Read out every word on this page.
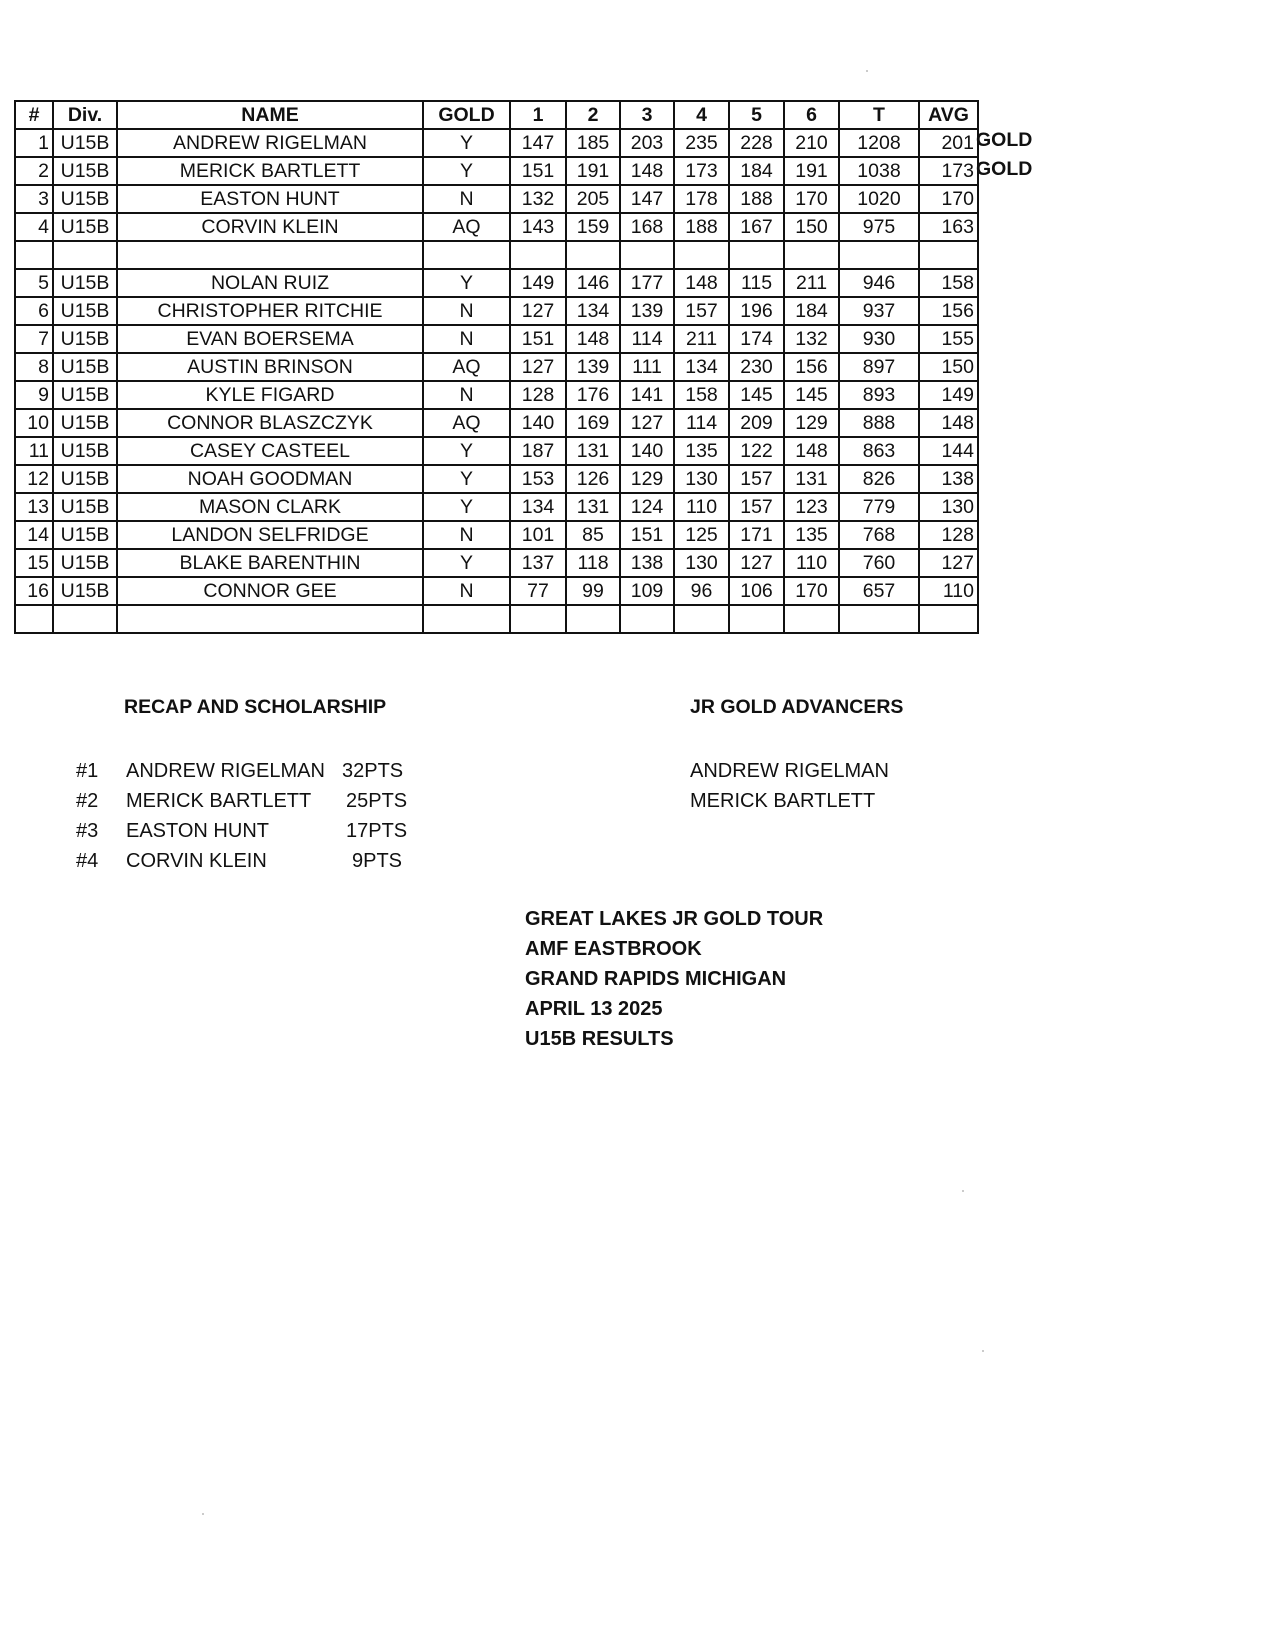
#	Div.	NAME	GOLD	1	2	3	4	5	6	T	AVG
1	U15B	ANDREW RIGELMAN	Y	147	185	203	235	228	210	1208	201
2	U15B	MERICK BARTLETT	Y	151	191	148	173	184	191	1038	173
3	U15B	EASTON HUNT	N	132	205	147	178	188	170	1020	170
4	U15B	CORVIN KLEIN	AQ	143	159	168	188	167	150	975	163

5	U15B	NOLAN RUIZ	Y	149	146	177	148	115	211	946	158
6	U15B	CHRISTOPHER RITCHIE	N	127	134	139	157	196	184	937	156
7	U15B	EVAN BOERSEMA	N	151	148	114	211	174	132	930	155
8	U15B	AUSTIN BRINSON	AQ	127	139	111	134	230	156	897	150
9	U15B	KYLE FIGARD	N	128	176	141	158	145	145	893	149
10	U15B	CONNOR BLASZCZYK	AQ	140	169	127	114	209	129	888	148
11	U15B	CASEY CASTEEL	Y	187	131	140	135	122	148	863	144
12	U15B	NOAH GOODMAN	Y	153	126	129	130	157	131	826	138
13	U15B	MASON CLARK	Y	134	131	124	110	157	123	779	130
14	U15B	LANDON SELFRIDGE	N	101	85	151	125	171	135	768	128
15	U15B	BLAKE BARENTHIN	Y	137	118	138	130	127	110	760	127
16	U15B	CONNOR GEE	N	77	99	109	96	106	170	657	110

GOLD
GOLD
RECAP AND SCHOLARSHIP	JR GOLD ADVANCERS
#1 ANDREW RIGELMAN 32PTS
#2 MERICK BARTLETT 25PTS
#3 EASTON HUNT	17PTS
#4 CORVIN KLEIN	9PTS
ANDREW RIGELMAN
MERICK BARTLETT
GREAT LAKES JR GOLD TOUR
AMF EASTBROOK
GRAND RAPIDS MICHIGAN
APRIL 13 2025
U15B RESULTS
